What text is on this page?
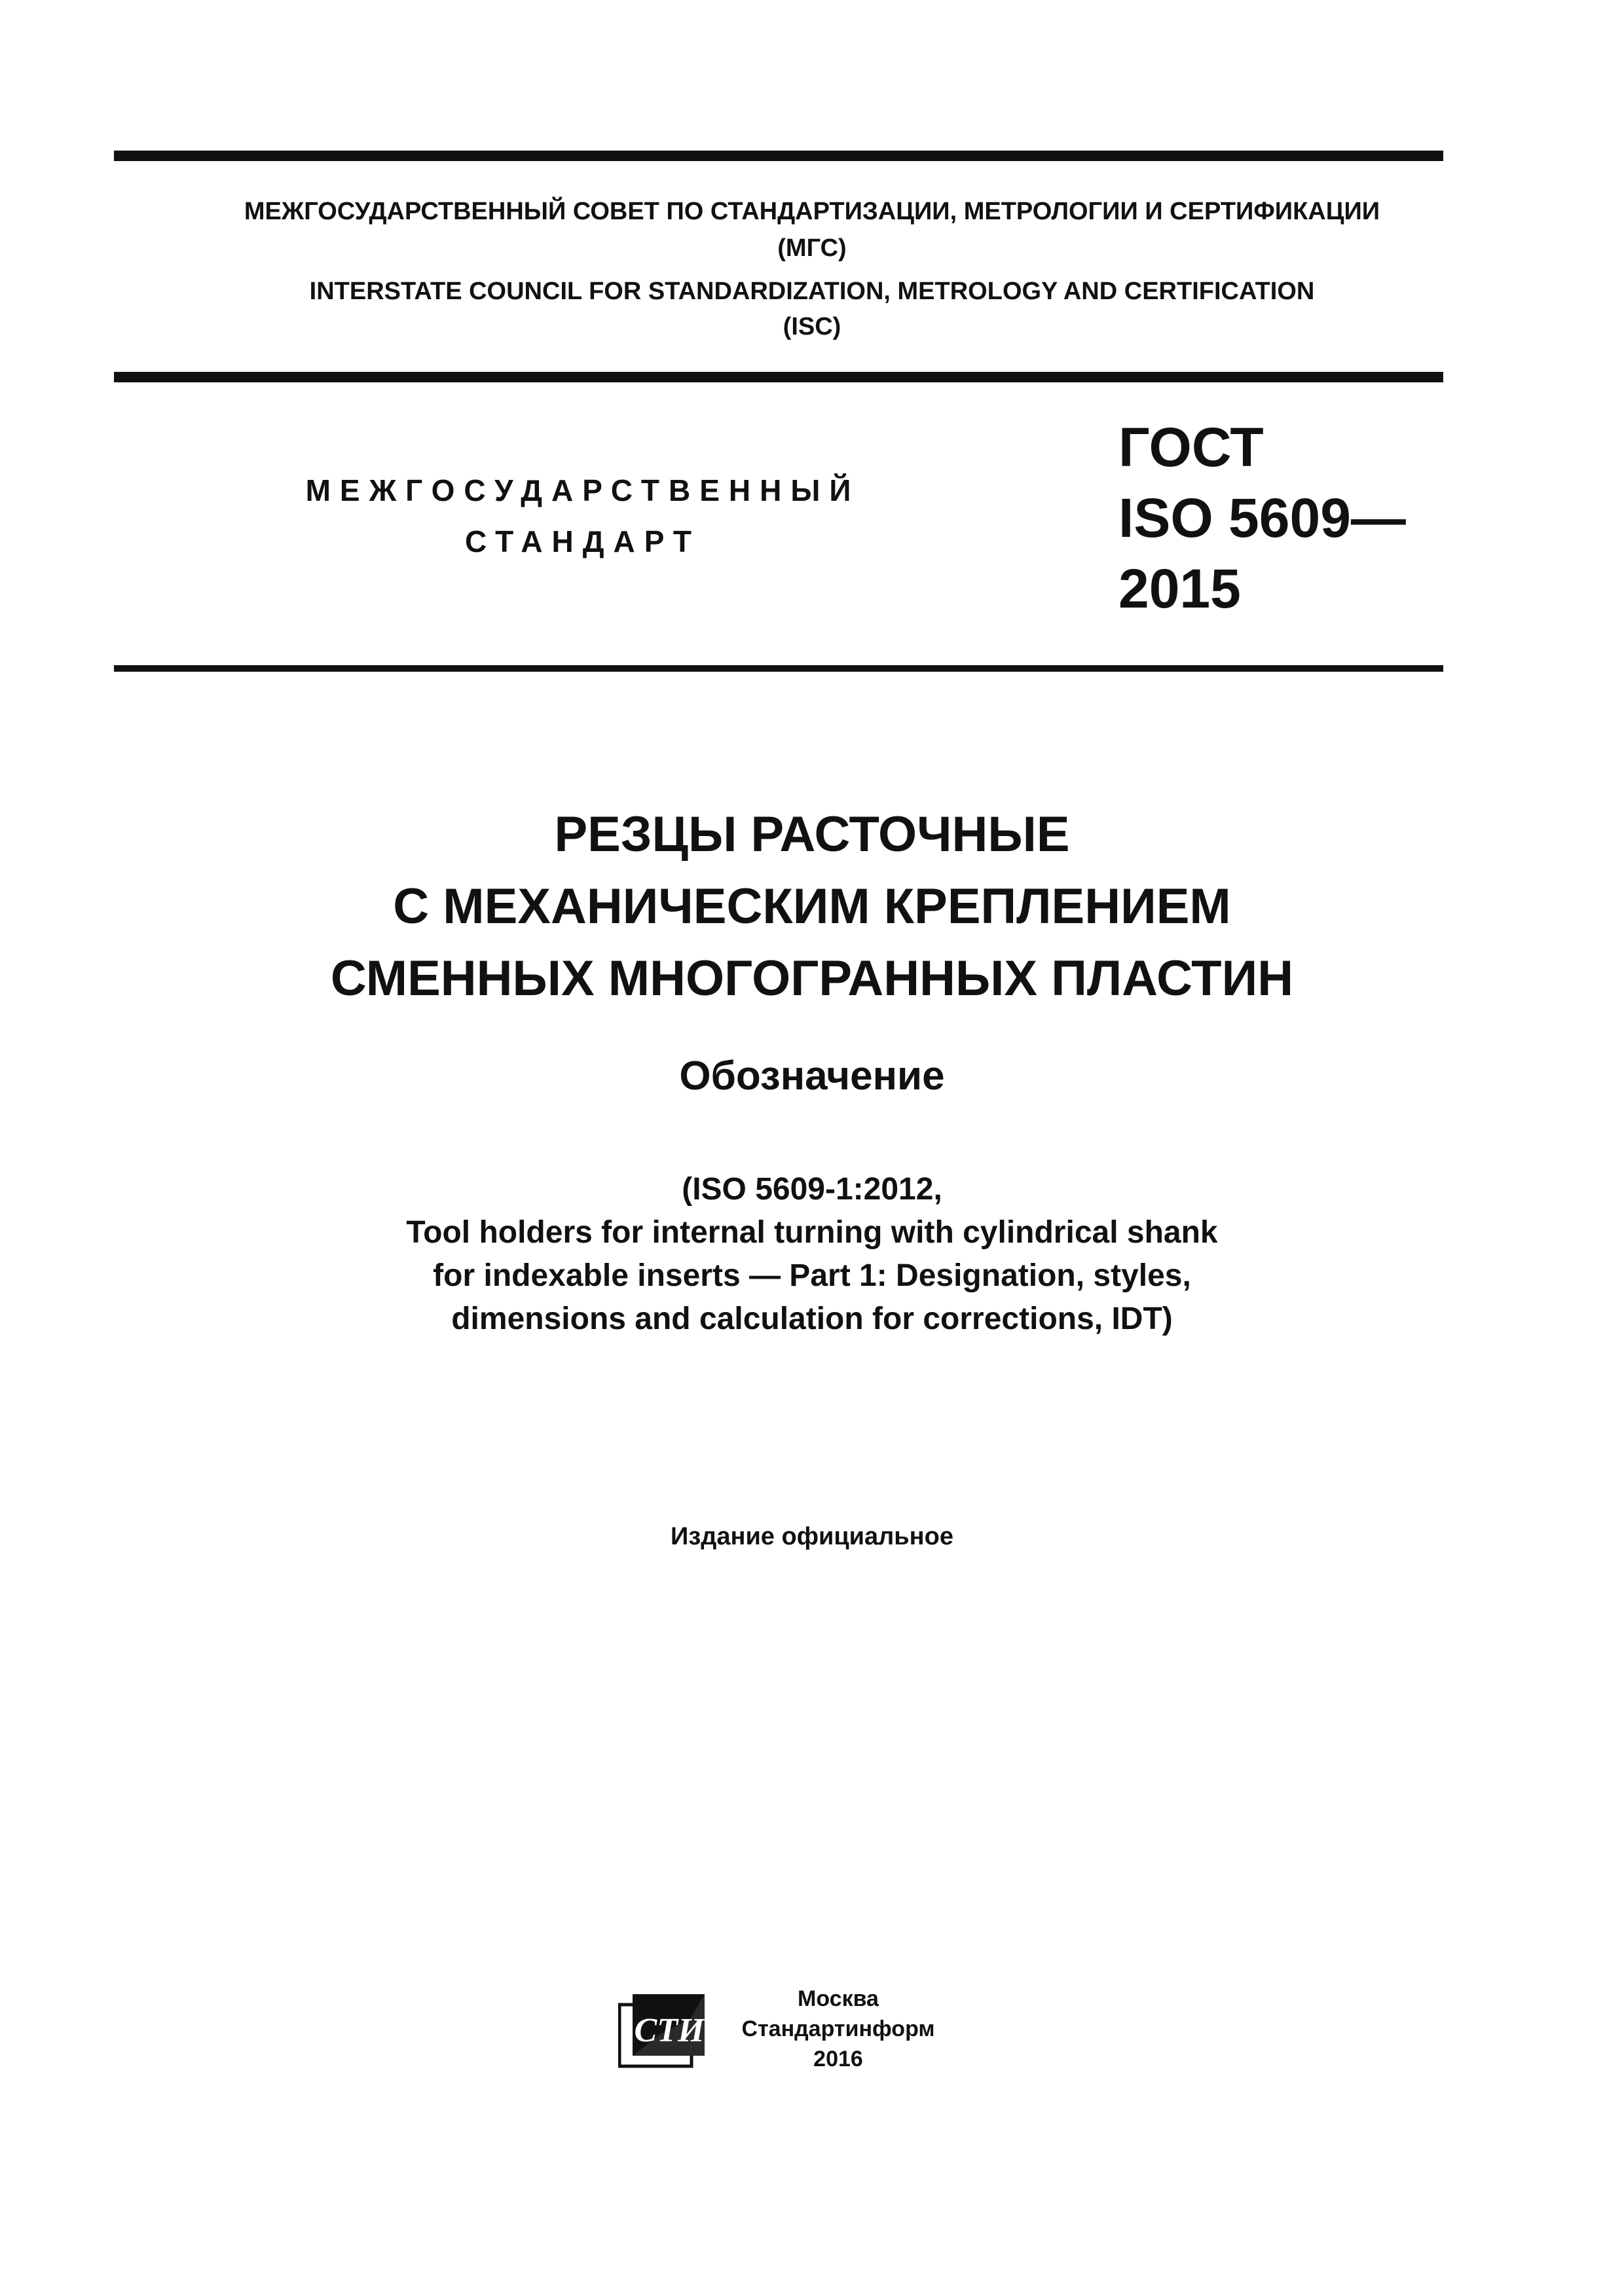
МЕЖГОСУДАРСТВЕННЫЙ СОВЕТ ПО СТАНДАРТИЗАЦИИ, МЕТРОЛОГИИ И СЕРТИФИКАЦИИ
(МГС)
INTERSTATE COUNCIL FOR STANDARDIZATION, METROLOGY AND CERTIFICATION
(ISC)
МЕЖГОСУДАРСТВЕННЫЙ
СТАНДАРТ
ГОСТ
ISO 5609—
2015
РЕЗЦЫ РАСТОЧНЫЕ
С МЕХАНИЧЕСКИМ КРЕПЛЕНИЕМ
СМЕННЫХ МНОГОГРАННЫХ ПЛАСТИН
Обозначение
(ISO 5609-1:2012,
Tool holders for internal turning with cylindrical shank
for indexable inserts — Part 1: Designation, styles,
dimensions and calculation for corrections, IDT)
Издание официальное
СТИ
Москва
Стандартинформ
2016
